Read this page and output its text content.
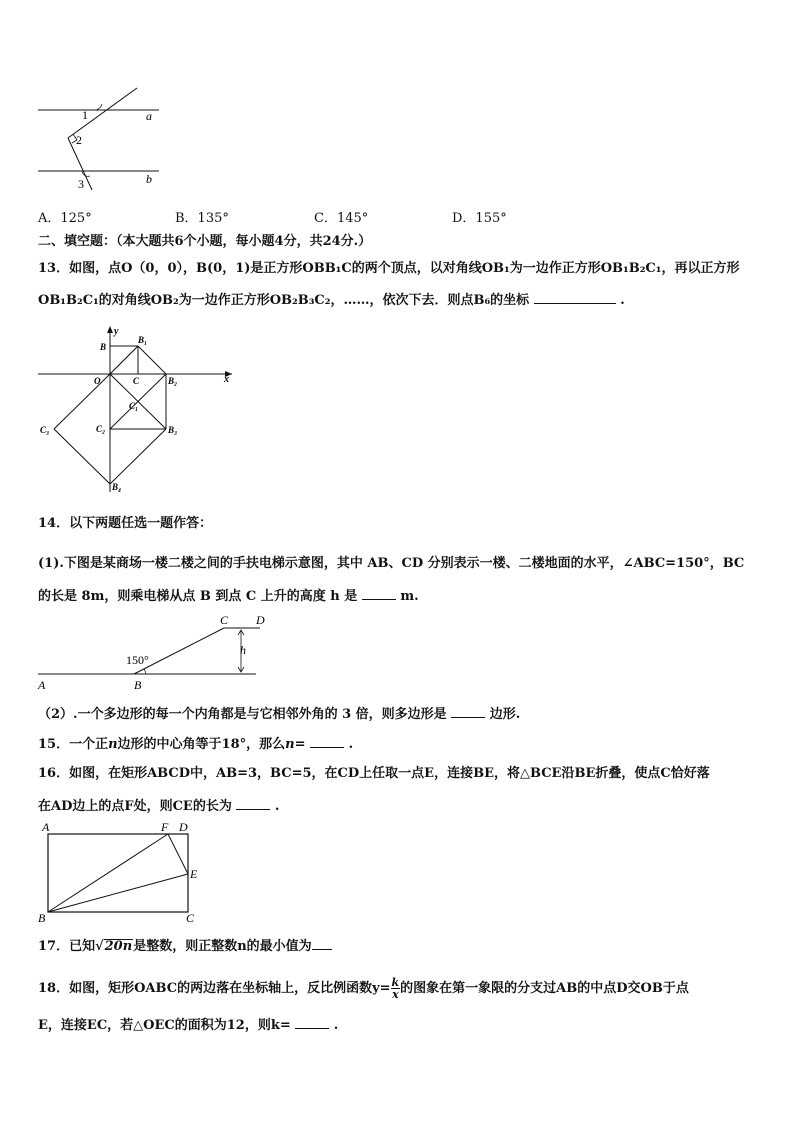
1
2
3
a
b
A．125°	B．135°	C．145°	D．155°
二、填空题：（本大题共6个小题，每小题4分，共24分.）
13．如图，点O（0，0），B(0，1)是正方形OBB₁C的两个顶点，以对角线OB₁为一边作正方形OB₁B₂C₁，再以正方形
OB₁B₂C₁的对角线OB₂为一边作正方形OB₂B₃C₂，……，依次下去．则点B₆的坐标	.
y
x
B
B₁
O	C	B₂
C₁
C₃	C₂	B₃
B₄
14．以下两题任选一题作答：
(1).下图是某商场一楼二楼之间的手扶电梯示意图，其中 AB、CD 分别表示一楼、二楼地面的水平，∠ABC=150°，BC
的长是 8m，则乘电梯从点 B 到点 C 上升的高度 h 是	m.
A	B
C D
h
150°
（2）.一个多边形的每一个内角都是与它相邻外角的 3 倍，则多边形是	边形.
15．一个正n边形的中心角等于18°，那么n=	.
16．如图，在矩形ABCD中，AB=3，BC=5，在CD上任取一点E，连接BE，将△BCE沿BE折叠，使点C恰好落
在AD边上的点F处，则CE的长为	.
A	F D
E
B	C
17．已知√20n是整数，则正整数n的最小值为
18．如图，矩形OABC的两边落在坐标轴上，反比例函数$y= \frac{k}{x}$ 的图象在第一象限的分支过AB的中点D交OB于点
E，连接EC，若△OEC的面积为12，则k=	.
